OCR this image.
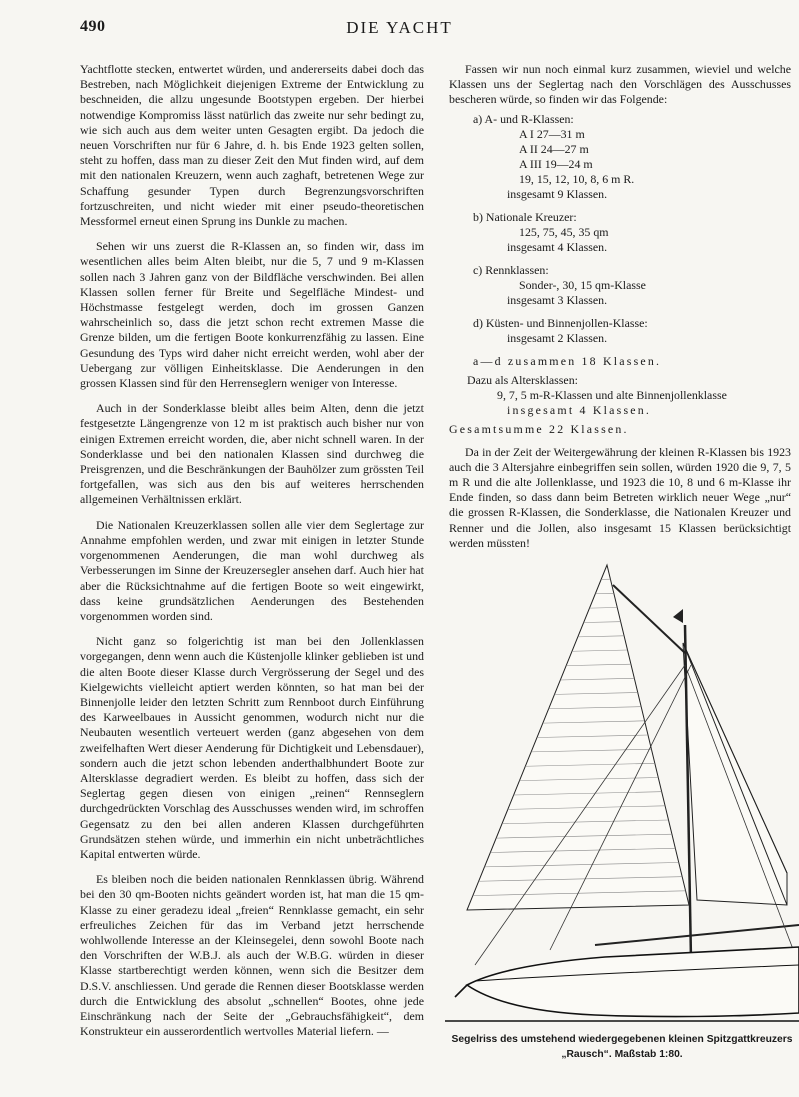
490	DIE YACHT

Yachtflotte stecken, entwertet würden, und andererseits dabei doch das Bestreben, nach Möglichkeit diejenigen Extreme der Entwicklung zu beschneiden, die allzu ungesunde Bootstypen ergeben. Der hierbei notwendige Kompromiss lässt natürlich das zweite nur sehr bedingt zu, wie sich auch aus dem weiter unten Gesagten ergibt. Da jedoch die neuen Vorschriften nur für 6 Jahre, d. h. bis Ende 1923 gelten sollen, steht zu hoffen, dass man zu dieser Zeit den Mut finden wird, auf dem mit den nationalen Kreuzern, wenn auch zaghaft, betretenen Wege zur Schaffung gesunder Typen durch Begrenzungsvorschriften fortzuschreiten, und nicht wieder mit einer pseudo-theoretischen Messformel erneut einen Sprung ins Dunkle zu machen.

Sehen wir uns zuerst die R-Klassen an, so finden wir, dass im wesentlichen alles beim Alten bleibt, nur die 5, 7 und 9 m-Klassen sollen nach 3 Jahren ganz von der Bildfläche verschwinden. Bei allen Klassen sollen ferner für Breite und Segelfläche Mindest- und Höchstmasse festgelegt werden, doch im grossen Ganzen wahrscheinlich so, dass die jetzt schon recht extremen Masse die Grenze bilden, um die fertigen Boote konkurrenzfähig zu lassen. Eine Gesundung des Typs wird daher nicht erreicht werden, wohl aber der Uebergang zur völligen Einheitsklasse. Die Aenderungen in den grossen Klassen sind für den Herrenseglern weniger von Interesse.

Auch in der Sonderklasse bleibt alles beim Alten, denn die jetzt festgesetzte Längengrenze von 12 m ist praktisch auch bisher nur von einigen Extremen erreicht worden, die, aber nicht schnell waren. In der Sonderklasse und bei den nationalen Klassen sind durchweg die Preisgrenzen, und die Beschränkungen der Bauhölzer zum grössten Teil fortgefallen, was sich aus den bis auf weiteres herrschenden allgemeinen Verhältnissen erklärt.

Die Nationalen Kreuzerklassen sollen alle vier dem Seglertage zur Annahme empfohlen werden, und zwar mit einigen in letzter Stunde vorgenommenen Aenderungen, die man wohl durchweg als Verbesserungen im Sinne der Kreuzersegler ansehen darf. Auch hier hat aber die Rücksichtnahme auf die fertigen Boote so weit eingewirkt, dass keine grundsätzlichen Aenderungen des Bestehenden vorgenommen worden sind.

Nicht ganz so folgerichtig ist man bei den Jollenklassen vorgegangen, denn wenn auch die Küstenjolle klinker geblieben ist und die alten Boote dieser Klasse durch Vergrösserung der Segel und des Kielgewichts vielleicht aptiert werden könnten, so hat man bei der Binnenjolle leider den letzten Schritt zum Rennboot durch Einführung des Karweelbaues in Aussicht genommen, wodurch nicht nur die Neubauten wesentlich verteuert werden (ganz abgesehen von dem zweifelhaften Wert dieser Aenderung für Dichtigkeit und Lebensdauer), sondern auch die jetzt schon lebenden anderthalbhundert Boote zur Altersklasse degradiert werden. Es bleibt zu hoffen, dass sich der Seglertag gegen diesen von einigen „reinen“ Rennseglern durchgedrückten Vorschlag des Ausschusses wenden wird, im schroffen Gegensatz zu den bei allen anderen Klassen durchgeführten Grundsätzen stehen würde, und immerhin ein nicht unbeträchtliches Kapital entwerten würde.

Es bleiben noch die beiden nationalen Rennklassen übrig. Während bei den 30 qm-Booten nichts geändert worden ist, hat man die 15 qm-Klasse zu einer geradezu ideal „freien“ Rennklasse gemacht, ein sehr erfreuliches Zeichen für das im Verband jetzt herrschende wohlwollende Interesse an der Kleinsegelei, denn sowohl Boote nach den Vorschriften der W.B.J. als auch der W.B.G. würden in dieser Klasse startberechtigt werden können, wenn sich die Besitzer dem D.S.V. anschliessen. Und gerade die Rennen dieser Bootsklasse werden durch die Entwicklung des absolut „schnellen“ Bootes, ohne jede Einschränkung nach der Seite der „Gebrauchsfähigkeit“, dem Konstrukteur ein ausserordentlich wertvolles Material liefern. —

Fassen wir nun noch einmal kurz zusammen, wieviel und welche Klassen uns der Seglertag nach den Vorschlägen des Ausschusses bescheren würde, so finden wir das Folgende:

a) A- und R-Klassen:
A I 27—31 m
A II 24—27 m
A III 19—24 m
19, 15, 12, 10, 8, 6 m R.
insgesamt 9 Klassen.
b) Nationale Kreuzer:
125, 75, 45, 35 qm
insgesamt 4 Klassen.
c) Rennklassen:
Sonder-, 30, 15 qm-Klasse
insgesamt 3 Klassen.
d) Küsten- und Binnenjollen-Klasse:
insgesamt 2 Klassen.
a—d zusammen 18 Klassen.
Dazu als Altersklassen:
9, 7, 5 m-R-Klassen und alte Binnenjollenklasse
insgesamt 4 Klassen.
Gesamtsumme 22 Klassen.

Da in der Zeit der Weitergewährung der kleinen R-Klassen bis 1923 auch die 3 Altersjahre einbegriffen sein sollen, würden 1920 die 9, 7, 5 m R und die alte Jollenklasse, und 1923 die 10, 8 und 6 m-Klasse ihr Ende finden, so dass dann beim Betreten wirklich neuer Wege „nur“ die grossen R-Klassen, die Sonderklasse, die Nationalen Kreuzer und Renner und die Jollen, also insgesamt 15 Klassen berücksichtigt werden müssten!

Segelriss des umstehend wiedergegebenen kleinen Spitzgattkreuzers
„Rausch“. Maßstab 1:80.
